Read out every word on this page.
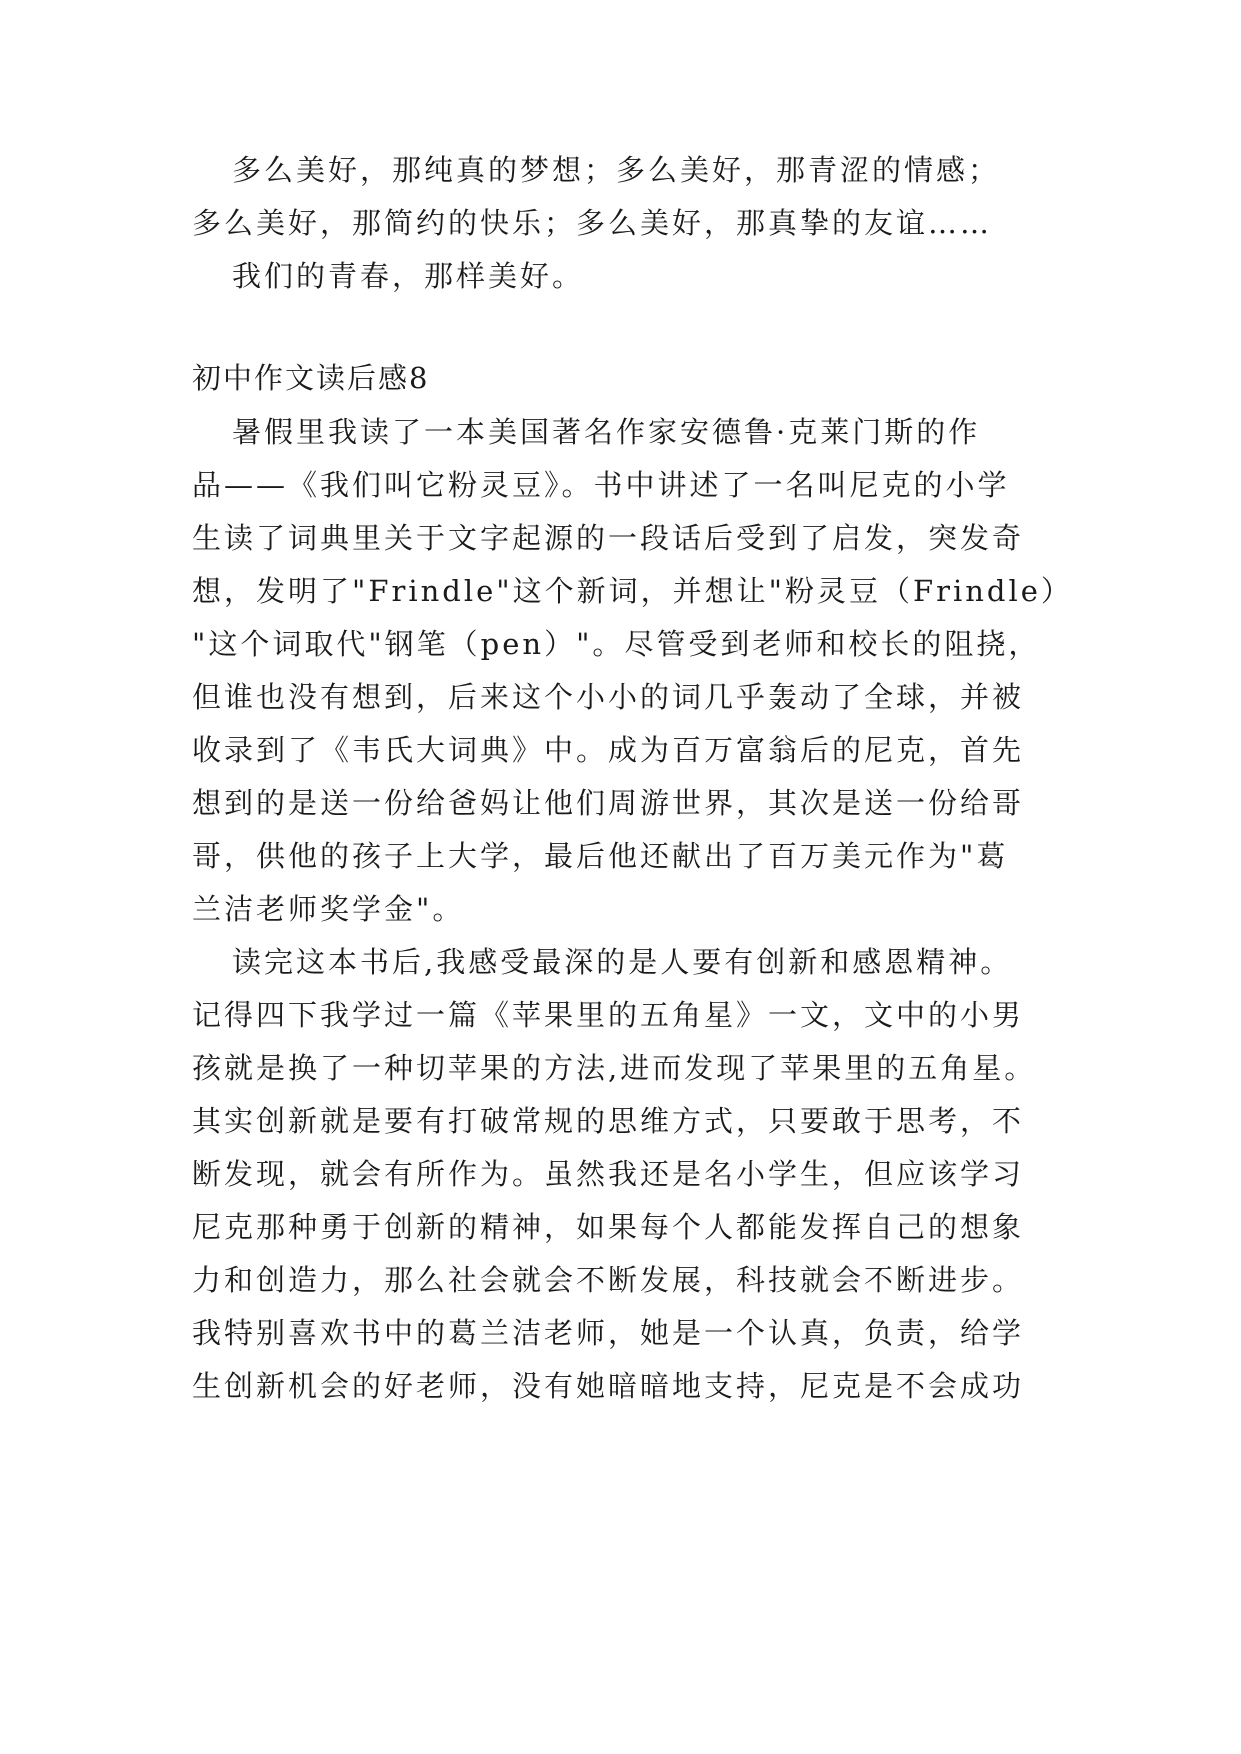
多么美好，那纯真的梦想；多么美好，那青涩的情感；
多么美好，那简约的快乐；多么美好，那真挚的友谊……
我们的青春，那样美好。
初中作文读后感8
暑假里我读了一本美国著名作家安德鲁·克莱门斯的作
品——《我们叫它粉灵豆》。书中讲述了一名叫尼克的小学
生读了词典里关于文字起源的一段话后受到了启发，突发奇
想，发明了"Frindle"这个新词，并想让"粉灵豆（Frindle）
"这个词取代"钢笔（pen）"。尽管受到老师和校长的阻挠，
但谁也没有想到，后来这个小小的词几乎轰动了全球，并被
收录到了《韦氏大词典》中。成为百万富翁后的尼克，首先
想到的是送一份给爸妈让他们周游世界，其次是送一份给哥
哥，供他的孩子上大学，最后他还献出了百万美元作为"葛
兰洁老师奖学金"。
读完这本书后,我感受最深的是人要有创新和感恩精神。
记得四下我学过一篇《苹果里的五角星》一文，文中的小男
孩就是换了一种切苹果的方法,进而发现了苹果里的五角星。
其实创新就是要有打破常规的思维方式，只要敢于思考，不
断发现，就会有所作为。虽然我还是名小学生，但应该学习
尼克那种勇于创新的精神，如果每个人都能发挥自己的想象
力和创造力，那么社会就会不断发展，科技就会不断进步。
我特别喜欢书中的葛兰洁老师，她是一个认真，负责，给学
生创新机会的好老师，没有她暗暗地支持，尼克是不会成功
